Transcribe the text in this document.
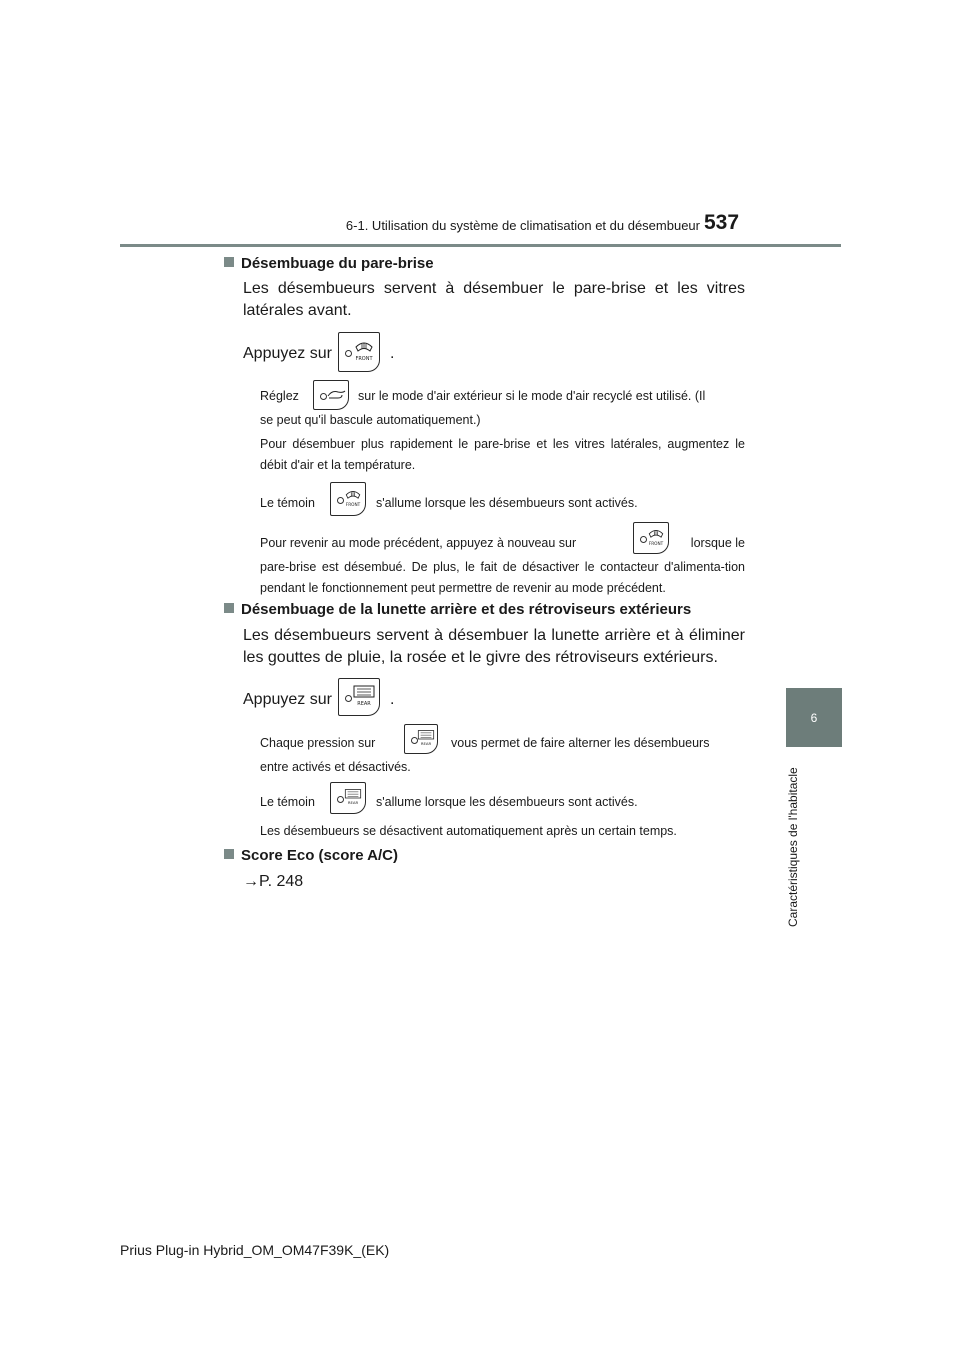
6-1. Utilisation du système de climatisation et du désembueur 537
6
Caractéristiques de l'habitacle
Désembuage du pare-brise
Les désembueurs servent à désembuer le pare-brise et les vitres latérales avant.
Appuyez sur	FRONT .
Réglez	sur le mode d'air extérieur si le mode d'air recyclé est utilisé. (Il
se peut qu'il bascule automatiquement.)
Pour désembuer plus rapidement le pare-brise et les vitres latérales, augmentez le débit d'air et la température.
Le témoin	FRONT s'allume lorsque les désembueurs sont activés.
Pour revenir au mode précédent, appuyez à nouveau sur	FRONT	lorsque le
pare-brise est désembué. De plus, le fait de désactiver le contacteur d'alimenta-tion pendant le fonctionnement peut permettre de revenir au mode précédent.
Désembuage de la lunette arrière et des rétroviseurs extérieurs
Les désembueurs servent à désembuer la lunette arrière et à éliminer les gouttes de pluie, la rosée et le givre des rétroviseurs extérieurs.
Appuyez sur	REAR .
Chaque pression sur	REAR vous permet de faire alterner les désembueurs
entre activés et désactivés.
Le témoin	REAR s'allume lorsque les désembueurs sont activés.
Les désembueurs se désactivent automatiquement après un certain temps.
Score Eco (score A/C)
→P. 248
Prius Plug-in Hybrid_OM_OM47F39K_(EK)
